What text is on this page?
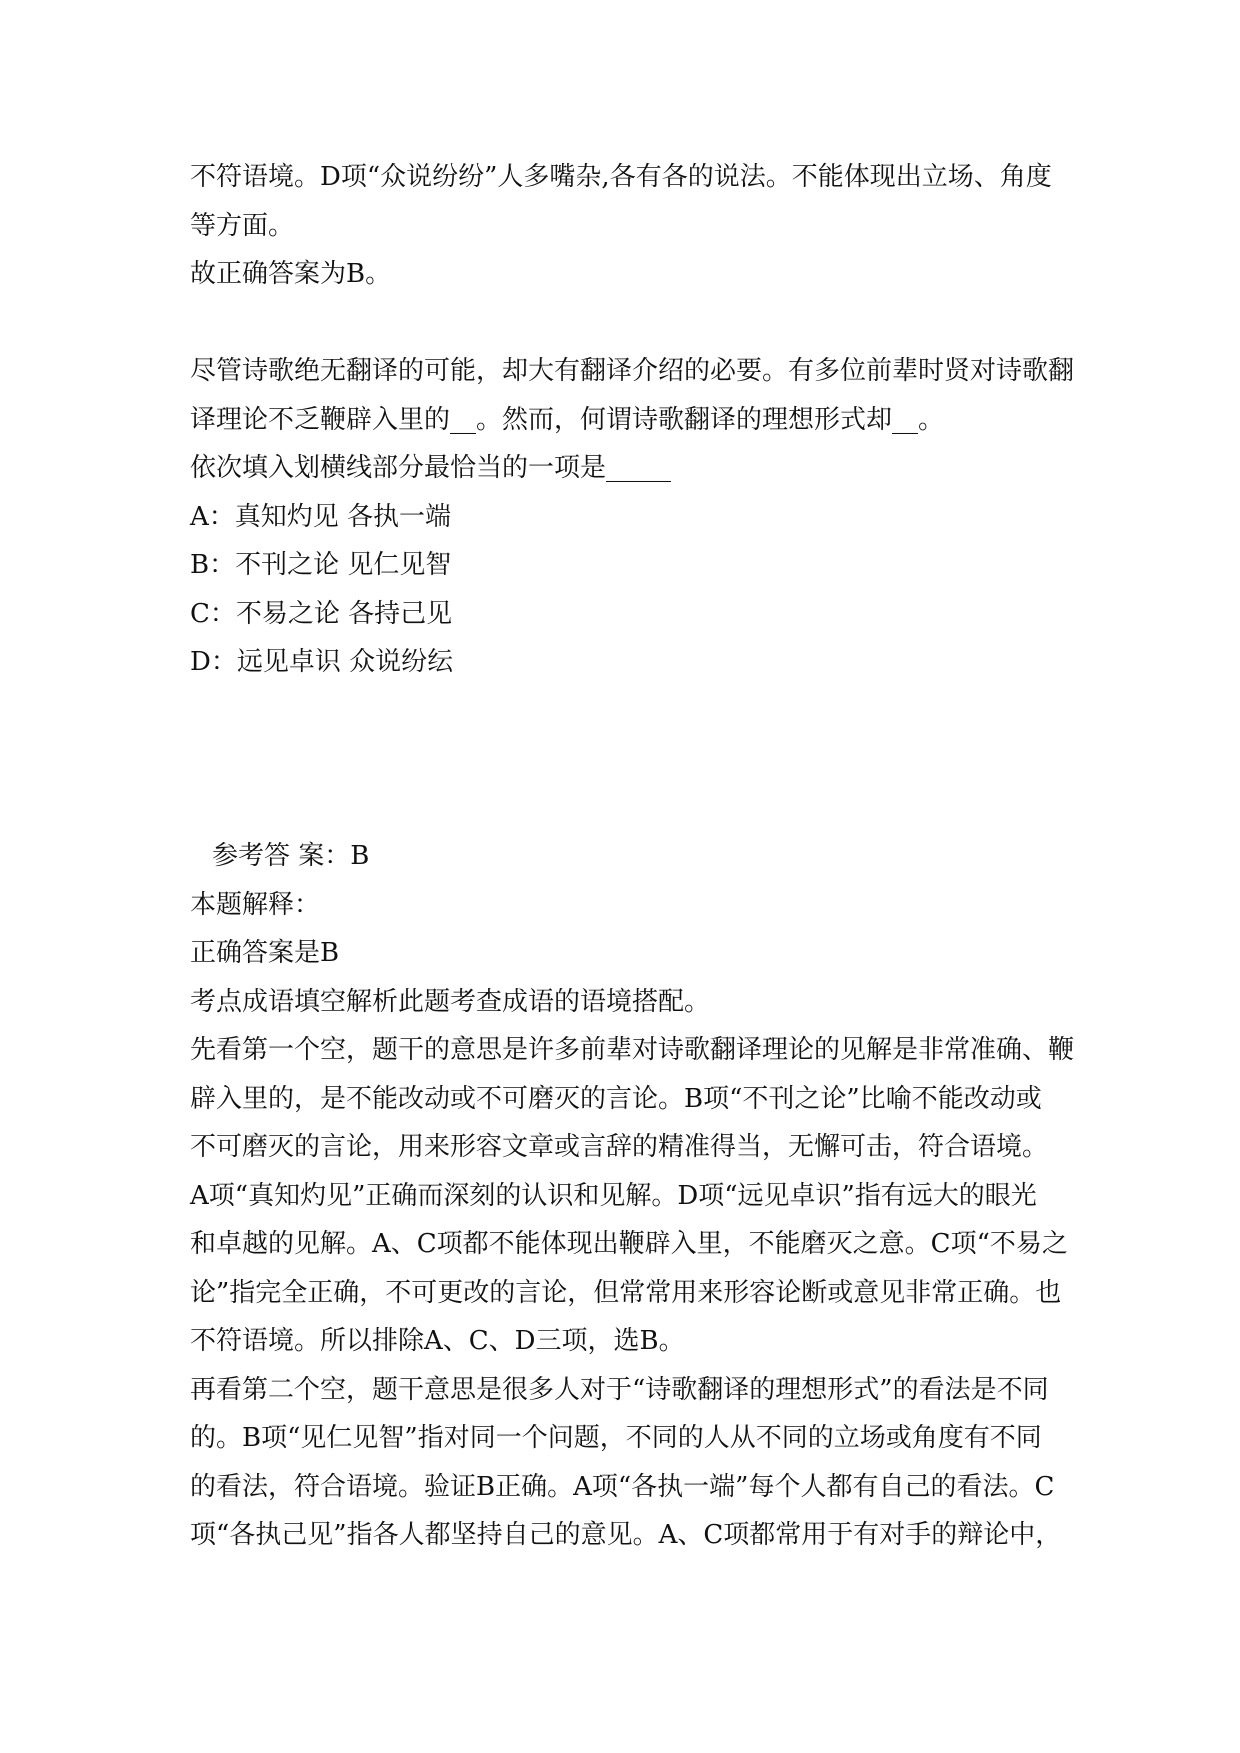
不符语境。D项“众说纷纷”人多嘴杂,各有各的说法。不能体现出立场、角度
等方面。
故正确答案为B。
尽管诗歌绝无翻译的可能，却大有翻译介绍的必要。有多位前辈时贤对诗歌翻
译理论不乏鞭辟入里的__。然而，何谓诗歌翻译的理想形式却__。
依次填入划横线部分最恰当的一项是_____
A：真知灼见 各执一端
B：不刊之论 见仁见智
C：不易之论 各持己见
D：远见卓识 众说纷纭
参考答 案：B
本题解释：
正确答案是B
考点成语填空解析此题考查成语的语境搭配。
先看第一个空，题干的意思是许多前辈对诗歌翻译理论的见解是非常准确、鞭
辟入里的，是不能改动或不可磨灭的言论。B项“不刊之论”比喻不能改动或
不可磨灭的言论，用来形容文章或言辞的精准得当，无懈可击，符合语境。
A项“真知灼见”正确而深刻的认识和见解。D项“远见卓识”指有远大的眼光
和卓越的见解。A、C项都不能体现出鞭辟入里，不能磨灭之意。C项“不易之
论”指完全正确，不可更改的言论，但常常用来形容论断或意见非常正确。也
不符语境。所以排除A、C、D三项，选B。
再看第二个空，题干意思是很多人对于“诗歌翻译的理想形式”的看法是不同
的。B项“见仁见智”指对同一个问题，不同的人从不同的立场或角度有不同
的看法，符合语境。验证B正确。A项“各执一端”每个人都有自己的看法。C
项“各执己见”指各人都坚持自己的意见。A、C项都常用于有对手的辩论中，
